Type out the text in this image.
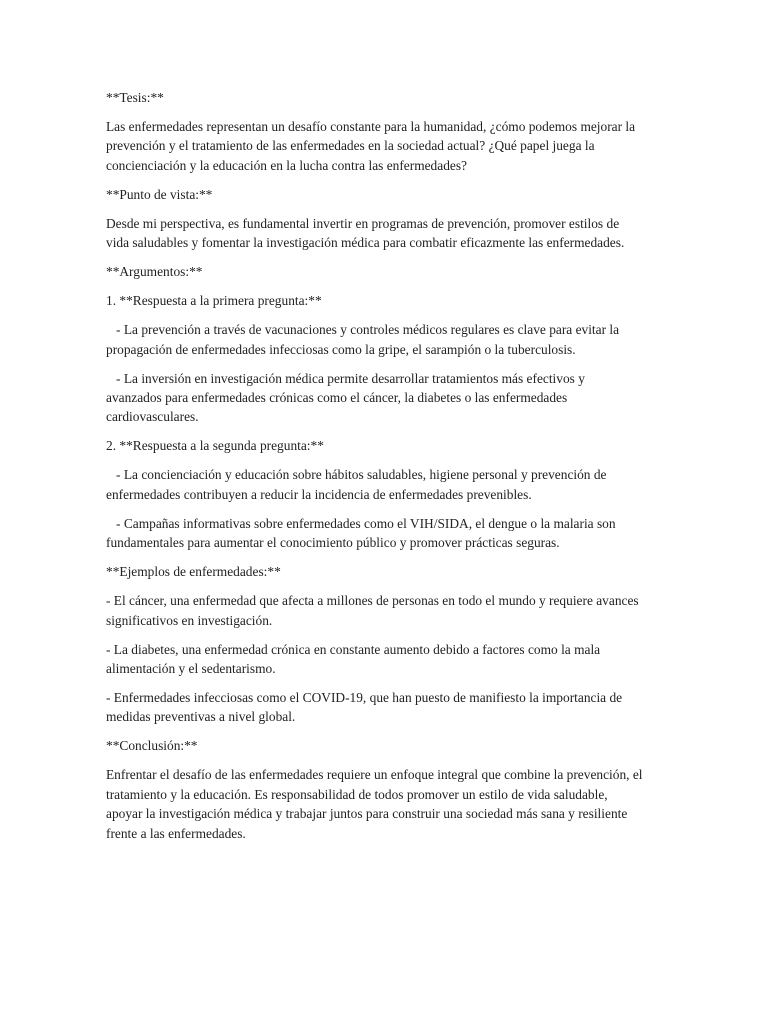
**Tesis:**

Las enfermedades representan un desafío constante para la humanidad, ¿cómo podemos mejorar la
prevención y el tratamiento de las enfermedades en la sociedad actual? ¿Qué papel juega la
concienciación y la educación en la lucha contra las enfermedades?

**Punto de vista:**

Desde mi perspectiva, es fundamental invertir en programas de prevención, promover estilos de
vida saludables y fomentar la investigación médica para combatir eficazmente las enfermedades.

**Argumentos:**

1. **Respuesta a la primera pregunta:**

- La prevención a través de vacunaciones y controles médicos regulares es clave para evitar la
propagación de enfermedades infecciosas como la gripe, el sarampión o la tuberculosis.

- La inversión en investigación médica permite desarrollar tratamientos más efectivos y
avanzados para enfermedades crónicas como el cáncer, la diabetes o las enfermedades
cardiovasculares.

2. **Respuesta a la segunda pregunta:**

- La concienciación y educación sobre hábitos saludables, higiene personal y prevención de
enfermedades contribuyen a reducir la incidencia de enfermedades prevenibles.

- Campañas informativas sobre enfermedades como el VIH/SIDA, el dengue o la malaria son
fundamentales para aumentar el conocimiento público y promover prácticas seguras.

**Ejemplos de enfermedades:**

- El cáncer, una enfermedad que afecta a millones de personas en todo el mundo y requiere avances
significativos en investigación.

- La diabetes, una enfermedad crónica en constante aumento debido a factores como la mala
alimentación y el sedentarismo.

- Enfermedades infecciosas como el COVID-19, que han puesto de manifiesto la importancia de
medidas preventivas a nivel global.

**Conclusión:**

Enfrentar el desafío de las enfermedades requiere un enfoque integral que combine la prevención, el
tratamiento y la educación. Es responsabilidad de todos promover un estilo de vida saludable,
apoyar la investigación médica y trabajar juntos para construir una sociedad más sana y resiliente
frente a las enfermedades.
